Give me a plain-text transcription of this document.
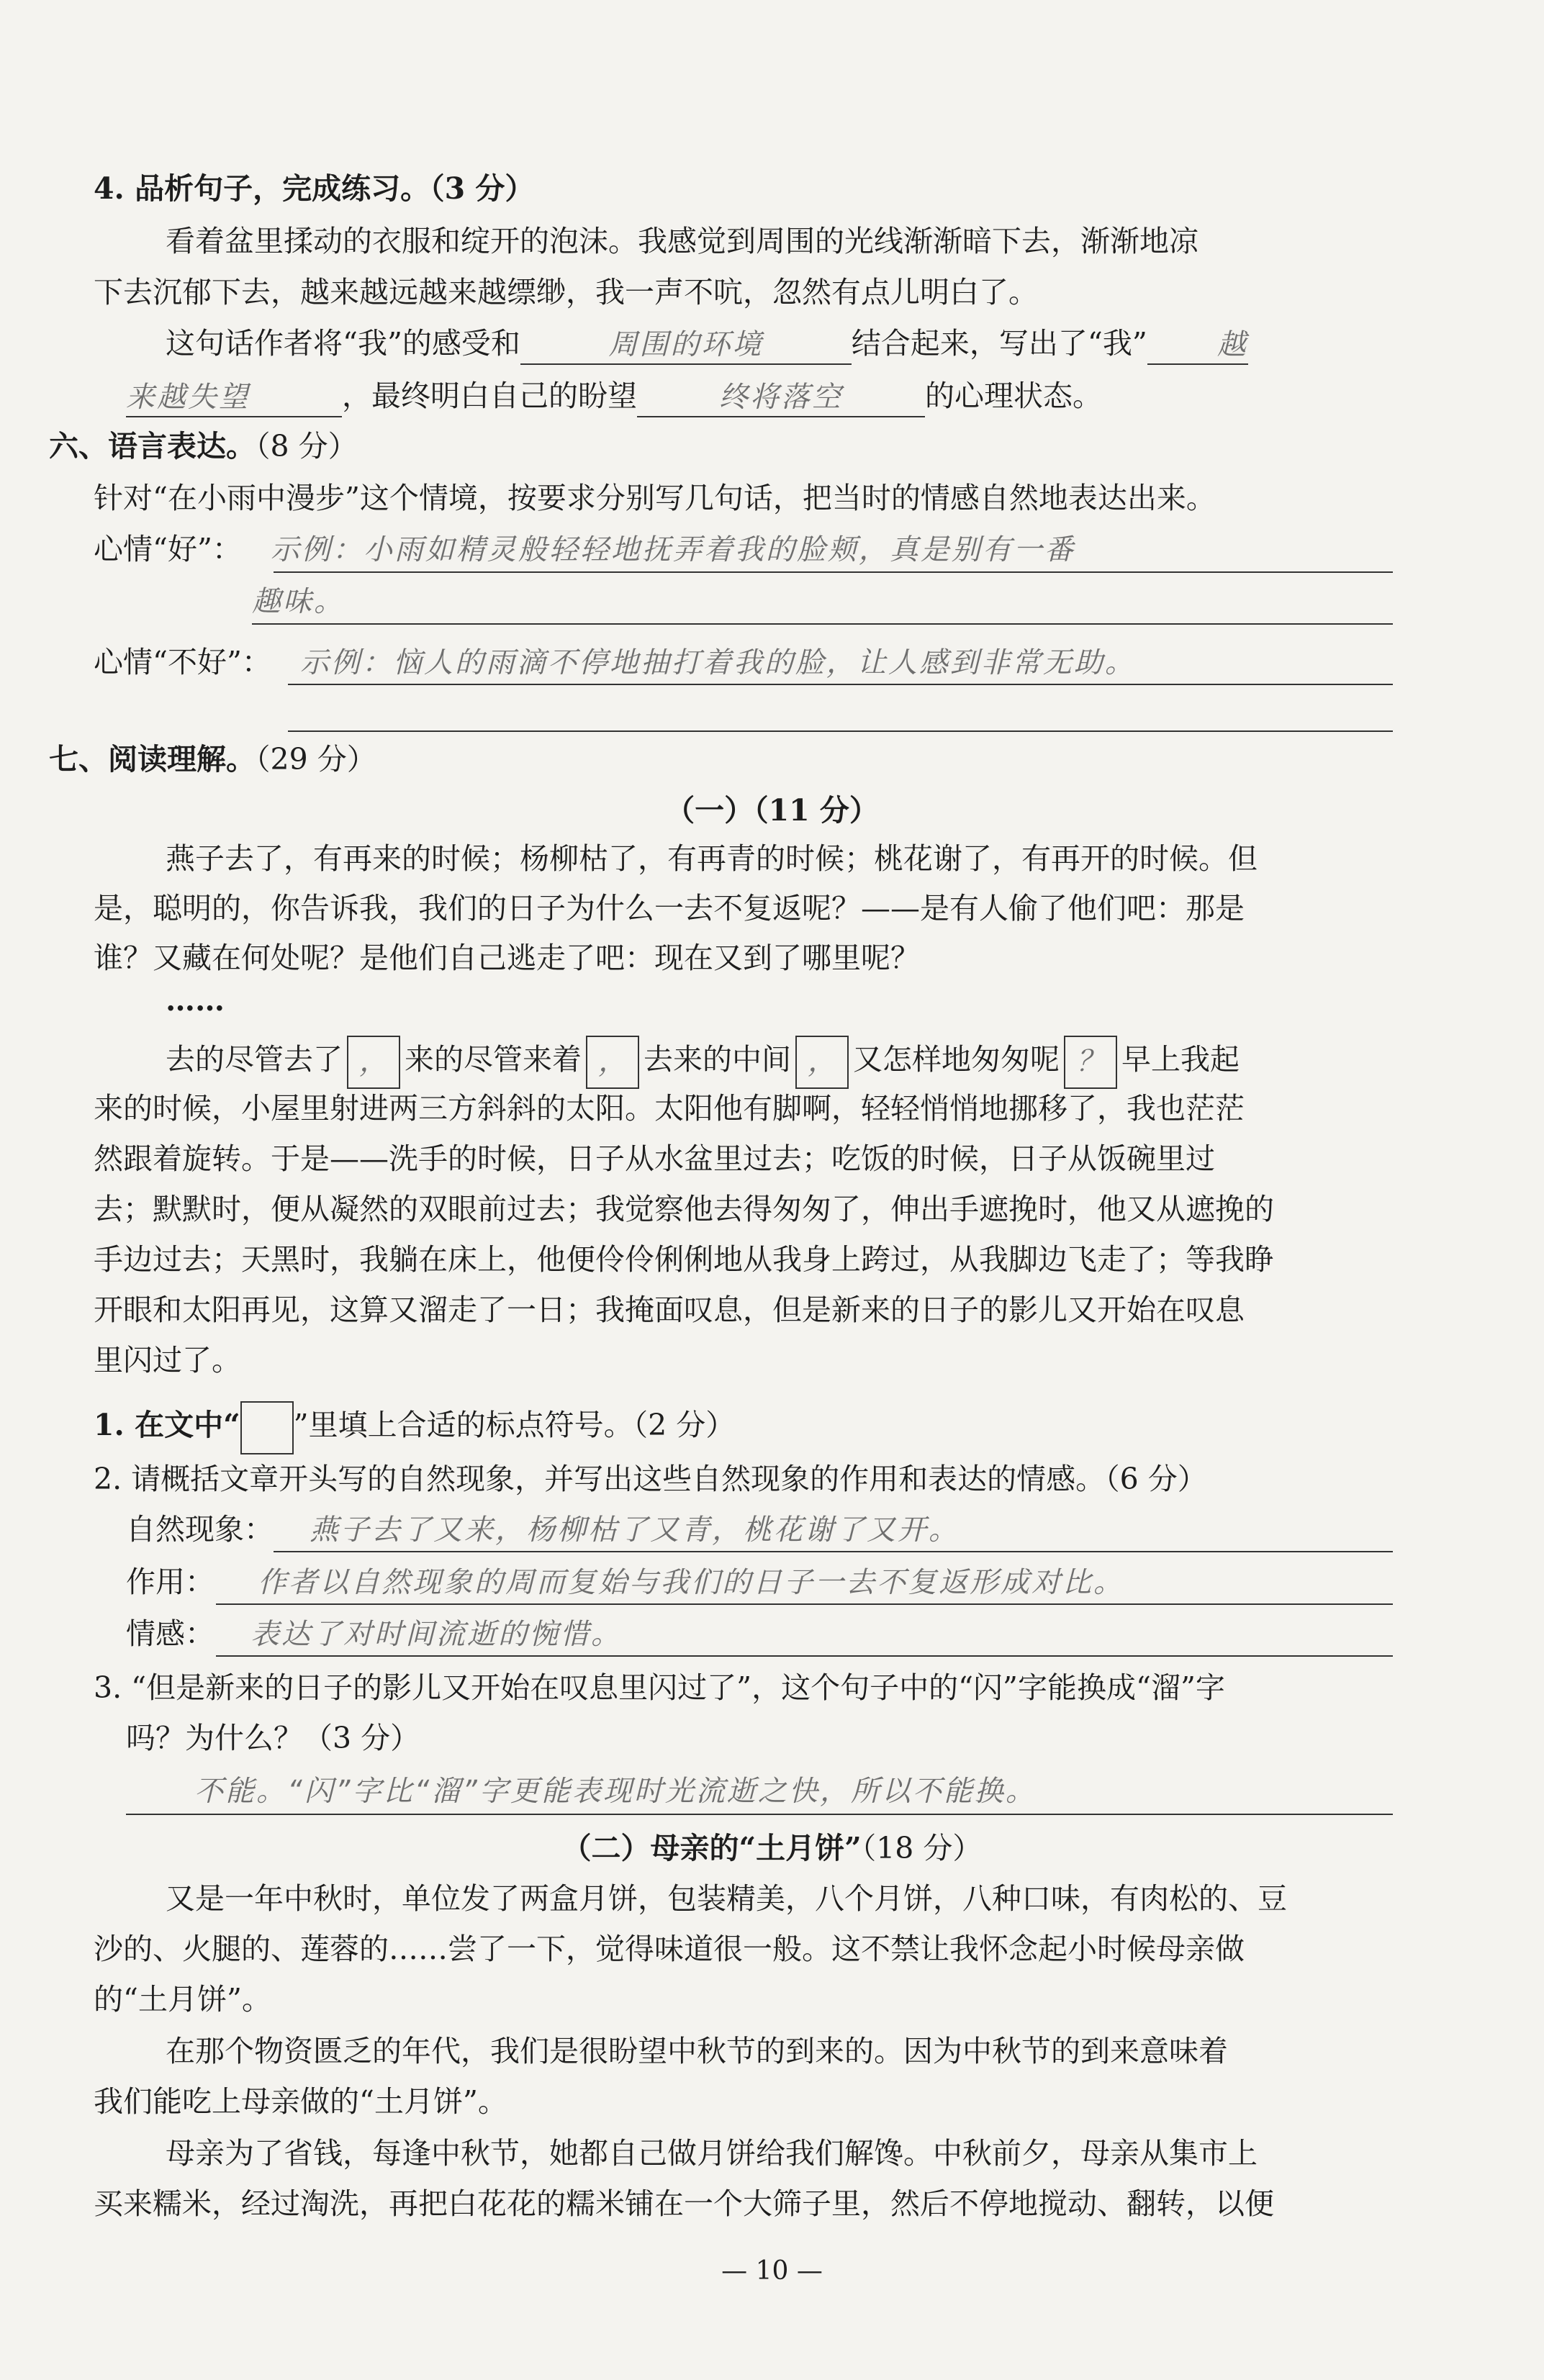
4. 品析句子，完成练习。（3 分）
看着盆里揉动的衣服和绽开的泡沫。我感觉到周围的光线渐渐暗下去，渐渐地凉
下去沉郁下去，越来越远越来越缥缈，我一声不吭，忽然有点儿明白了。
这句话作者将“我”的感受和	周围的环境	结合起来，写出了“我” 越
来越失望	，最终明白自己的盼望	终将落空	的心理状态。
六、语言表达。（8 分）
针对“在小雨中漫步”这个情境，按要求分别写几句话，把当时的情感自然地表达出来。
心情“好”： 示例：小雨如精灵般轻轻地抚弄着我的脸颊，真是别有一番
趣味。
心情“不好”： 示例：恼人的雨滴不停地抽打着我的脸，让人感到非常无助。
七、阅读理解。（29 分）
（一）（11 分）
燕子去了，有再来的时候；杨柳枯了，有再青的时候；桃花谢了，有再开的时候。但
是，聪明的，你告诉我，我们的日子为什么一去不复返呢？——是有人偷了他们吧：那是
谁？又藏在何处呢？是他们自己逃走了吧：现在又到了哪里呢？
……
去的尽管去了 ， 来的尽管来着 ， 去来的中间 ， 又怎样地匆匆呢 ？ 早上我起
来的时候，小屋里射进两三方斜斜的太阳。太阳他有脚啊，轻轻悄悄地挪移了，我也茫茫
然跟着旋转。于是——洗手的时候，日子从水盆里过去；吃饭的时候，日子从饭碗里过
去；默默时，便从凝然的双眼前过去；我觉察他去得匆匆了，伸出手遮挽时，他又从遮挽的
手边过去；天黑时，我躺在床上，他便伶伶俐俐地从我身上跨过，从我脚边飞走了；等我睁
开眼和太阳再见，这算又溜走了一日；我掩面叹息，但是新来的日子的影儿又开始在叹息
里闪过了。
1. 在文中“ ”里填上合适的标点符号。（2 分）
2. 请概括文章开头写的自然现象，并写出这些自然现象的作用和表达的情感。（6 分）
自然现象： 燕子去了又来，杨柳枯了又青，桃花谢了又开。
作用： 作者以自然现象的周而复始与我们的日子一去不复返形成对比。
情感： 表达了对时间流逝的惋惜。
3. “但是新来的日子的影儿又开始在叹息里闪过了”，这个句子中的“闪”字能换成“溜”字
吗？为什么？（3 分）
不能。“闪”字比“溜”字更能表现时光流逝之快，所以不能换。
（二）母亲的“土月饼”（18 分）
又是一年中秋时，单位发了两盒月饼，包装精美，八个月饼，八种口味，有肉松的、豆
沙的、火腿的、莲蓉的……尝了一下，觉得味道很一般。这不禁让我怀念起小时候母亲做
的“土月饼”。
在那个物资匮乏的年代，我们是很盼望中秋节的到来的。因为中秋节的到来意味着
我们能吃上母亲做的“土月饼”。
母亲为了省钱，每逢中秋节，她都自己做月饼给我们解馋。中秋前夕，母亲从集市上
买来糯米，经过淘洗，再把白花花的糯米铺在一个大筛子里，然后不停地搅动、翻转，以便
— 10 —
